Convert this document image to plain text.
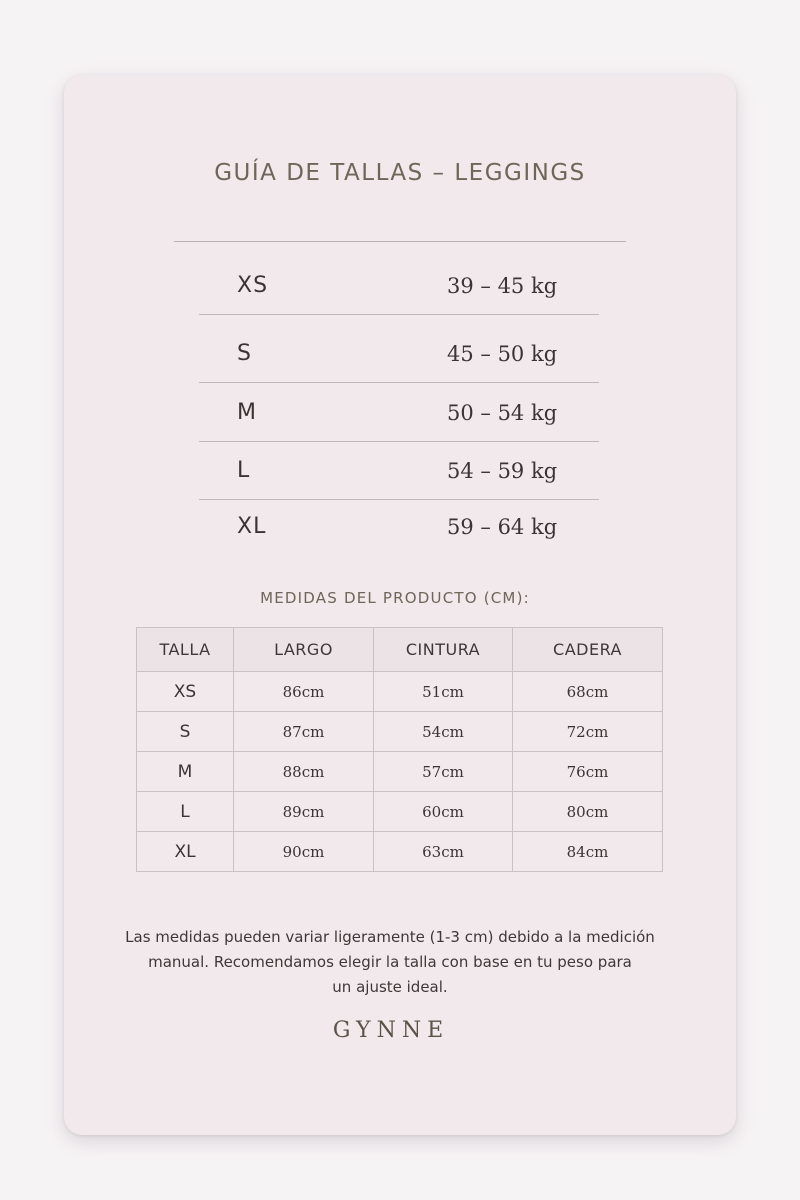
GUÍA DE TALLAS – LEGGINGS
XS	39 – 45 kg
S	45 – 50 kg
M	50 – 54 kg
L	54 – 59 kg
XL	59 – 64 kg
MEDIDAS DEL PRODUCTO (CM):
TALLA	LARGO	CINTURA	CADERA
XS	86cm	51cm	68cm
S	87cm	54cm	72cm
M	88cm	57cm	76cm
L	89cm	60cm	80cm
XL	90cm	63cm	84cm

Las medidas pueden variar ligeramente (1-3 cm) debido a la medición
manual. Recomendamos elegir la talla con base en tu peso para
un ajuste ideal.

GYNNE
